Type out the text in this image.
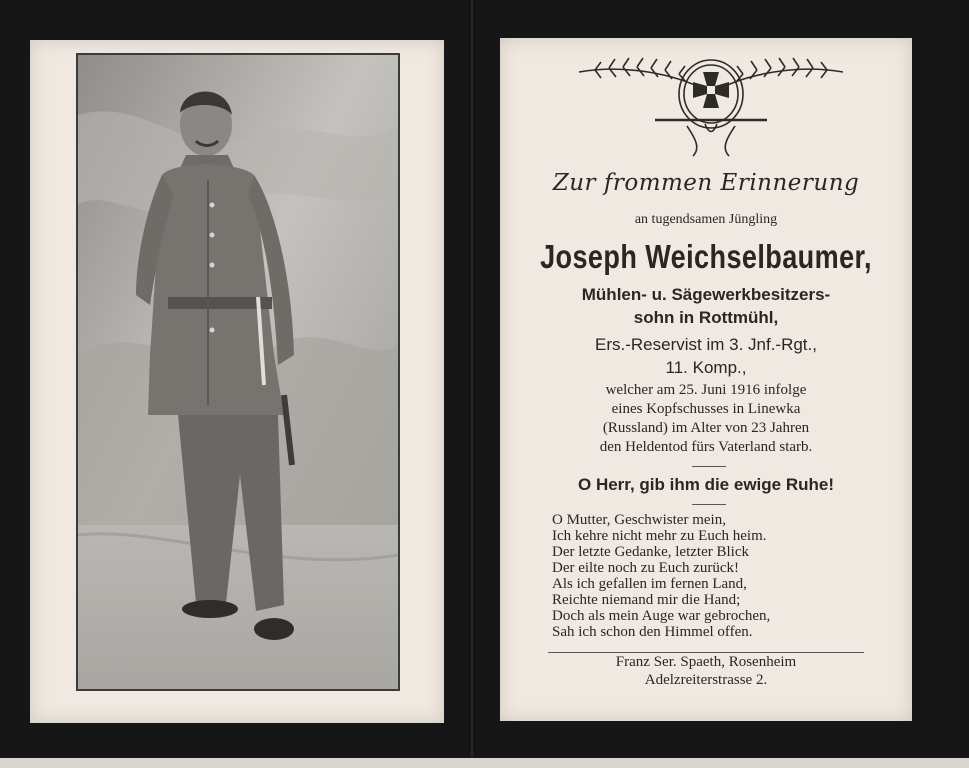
Zur frommen Erinnerung
an tugendsamen Jüngling
Joseph Weichselbaumer,
Mühlen- u. Sägewerkbesitzers-
sohn in Rottmühl,
Ers.-Reservist im 3. Jnf.-Rgt.,
11. Komp.,
welcher am 25. Juni 1916 infolge
eines Kopfschusses in Linewka
(Russland) im Alter von 23 Jahren
den Heldentod fürs Vaterland starb.
O Herr, gib ihm die ewige Ruhe!
O Mutter, Geschwister mein,
Ich kehre nicht mehr zu Euch heim.
Der letzte Gedanke, letzter Blick
Der eilte noch zu Euch zurück!
Als ich gefallen im fernen Land,
Reichte niemand mir die Hand;
Doch als mein Auge war gebrochen,
Sah ich schon den Himmel offen.
Franz Ser. Spaeth, Rosenheim
Adelzreiterstrasse 2.
